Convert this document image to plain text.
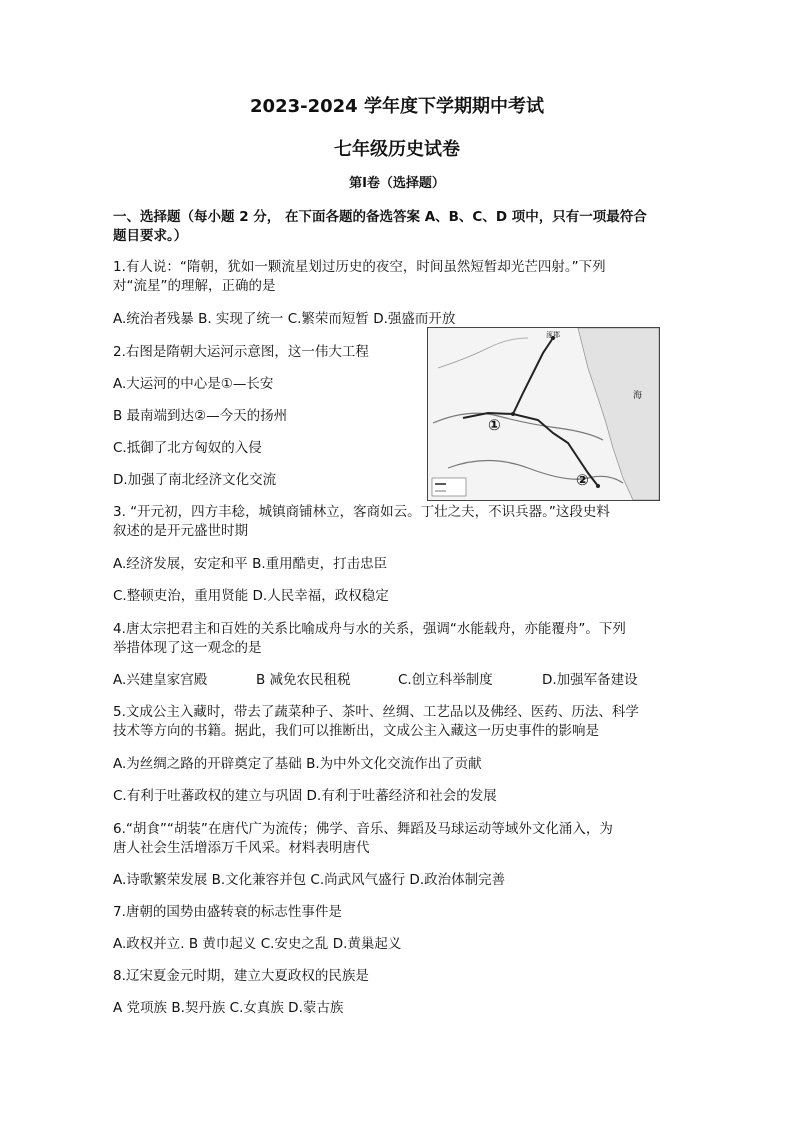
2023-2024 学年度下学期期中考试
七年级历史试卷
第Ⅰ卷（选择题）
一、选择题（每小题 2 分， 在下面各题的备选答案 A、B、C、D 项中，只有一项最符合
题目要求。）
1.有人说：“隋朝，犹如一颗流星划过历史的夜空，时间虽然短暂却光芒四射。”下列
对“流星”的理解，正确的是
A.统治者残暴 B. 实现了统一 C.繁荣而短暂 D.强盛而开放
2.右图是隋朝大运河示意图，这一伟大工程
A.大运河的中心是①—长安
B 最南端到达②—今天的扬州
C.抵御了北方匈奴的入侵
D.加强了南北经济文化交流
①
②
涿郡
海
3. “开元初，四方丰稔，城镇商铺林立，客商如云。丁壮之夫，不识兵器。”这段史料
叙述的是开元盛世时期
A.经济发展，安定和平 B.重用酷吏，打击忠臣
C.整顿吏治，重用贤能 D.人民幸福，政权稳定
4.唐太宗把君主和百姓的关系比喻成舟与水的关系，强调“水能载舟，亦能覆舟”。下列
举措体现了这一观念的是
A.兴建皇家宫殿	B 减免农民租税	C.创立科举制度	D.加强军备建设
5.文成公主入藏时，带去了蔬菜种子、茶叶、丝绸、工艺品以及佛经、医药、历法、科学
技术等方向的书籍。据此，我们可以推断出，文成公主入藏这一历史事件的影响是
A.为丝绸之路的开辟奠定了基础 B.为中外文化交流作出了贡献
C.有利于吐蕃政权的建立与巩固 D.有利于吐蕃经济和社会的发展
6.“胡食”“胡装”在唐代广为流传；佛学、音乐、舞蹈及马球运动等域外文化涌入，为
唐人社会生活增添万千风采。材料表明唐代
A.诗歌繁荣发展 B.文化兼容并包 C.尚武风气盛行 D.政治体制完善
7.唐朝的国势由盛转衰的标志性事件是
A.政权并立. B 黄巾起义 C.安史之乱 D.黄巢起义
8.辽宋夏金元时期，建立大夏政权的民族是
A 党项族 B.契丹族 C.女真族 D.蒙古族
